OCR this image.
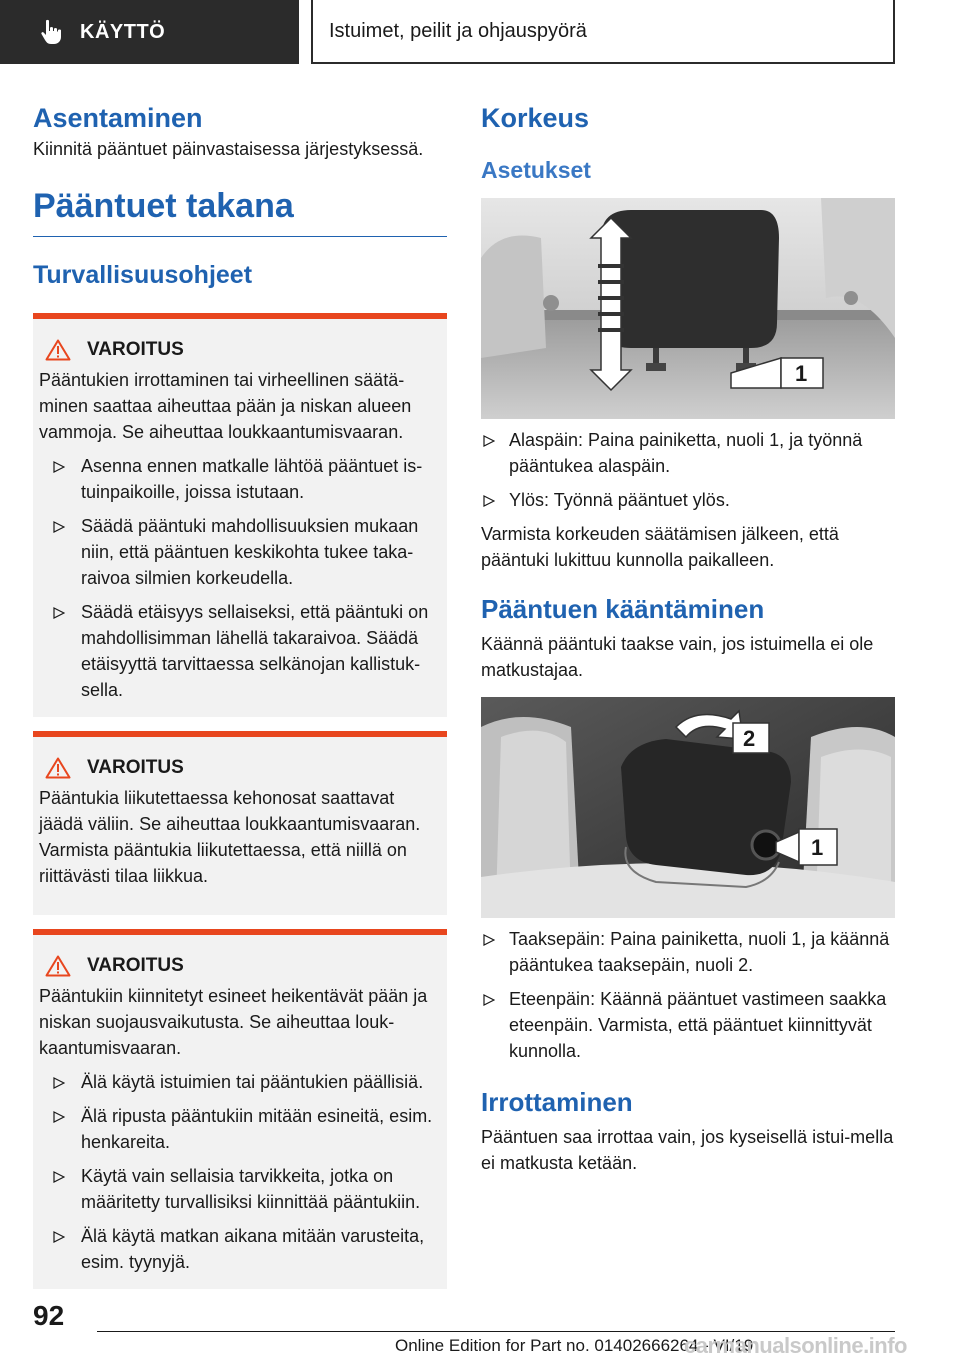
KÄYTTÖ	Istuimet, peilit ja ohjauspyörä
Asentaminen

Kiinnitä pääntuet päinvastaisessa järjestyksessä.

Pääntuet takana
Turvallisuusohjeet
VAROITUS

Pääntukien irrottaminen tai virheellinen säätä-minen saattaa aiheuttaa pään ja niskan alueen vammoja. Se aiheuttaa loukkaantumisvaaran.

Asenna ennen matkalle lähtöä pääntuet is-tuinpaikoille, joissa istutaan.
Säädä pääntuki mahdollisuuksien mukaan niin, että pääntuen keskikohta tukee taka-raivoa silmien korkeudella.
Säädä etäisyys sellaiseksi, että pääntuki on mahdollisimman lähellä takaraivoa. Säädä etäisyyttä tarvittaessa selkänojan kallistuk-sella.
VAROITUS

Pääntukia liikutettaessa kehonosat saattavat jäädä väliin. Se aiheuttaa loukkaantumisvaaran. Varmista pääntukia liikutettaessa, että niillä on riittävästi tilaa liikkua.

VAROITUS

Pääntukiin kiinnitetyt esineet heikentävät pään ja niskan suojausvaikutusta. Se aiheuttaa louk-kaantumisvaaran.

Älä käytä istuimien tai pääntukien päällisiä.
Älä ripusta pääntukiin mitään esineitä, esim. henkareita.
Käytä vain sellaisia tarvikkeita, jotka on määritetty turvallisiksi kiinnittää pääntukiin.
Älä käytä matkan aikana mitään varusteita, esim. tyynyjä.
Korkeus
Asetukset
1
Alaspäin: Paina painiketta, nuoli 1, ja työnnä pääntukea alaspäin.
Ylös: Työnnä pääntuet ylös.

Varmista korkeuden säätämisen jälkeen, että pääntuki lukittuu kunnolla paikalleen.

Pääntuen kääntäminen

Käännä pääntuki taakse vain, jos istuimella ei ole matkustajaa.

2
1
Taaksepäin: Paina painiketta, nuoli 1, ja käännä pääntukea taaksepäin, nuoli 2.
Eteenpäin: Käännä pääntuet vastimeen saakka eteenpäin. Varmista, että pääntuet kiinnittyvät kunnolla.
Irrottaminen

Pääntuen saa irrottaa vain, jos kyseisellä istui-mella ei matkusta ketään.

92
Online Edition for Part no. 01402666264 - VI/19
carmanualsonline.info
